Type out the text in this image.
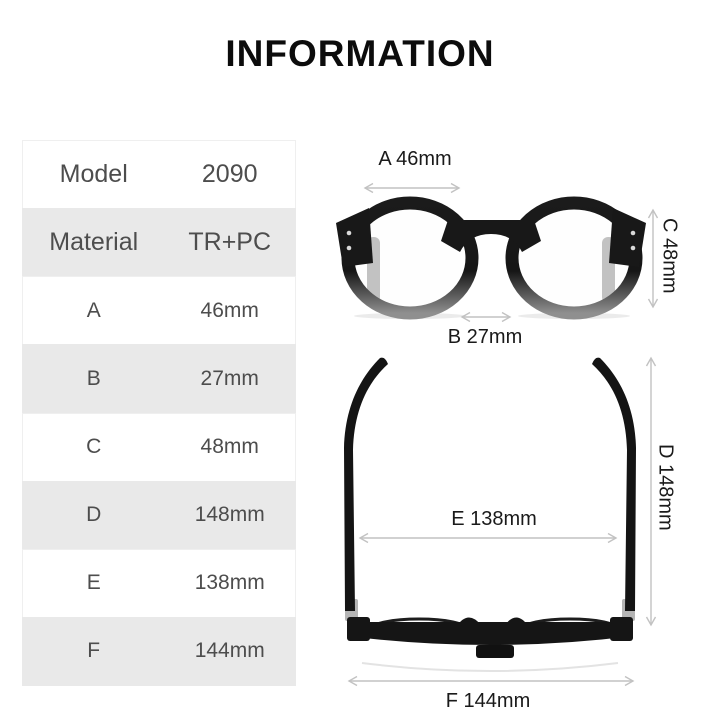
INFORMATION
Model	2090
Material	TR+PC
A	46mm
B	27mm
C	48mm
D	148mm
E	138mm
F	144mm
A 46mm
B 27mm
C 48mm
E 138mm	D 148mm
F 144mm
